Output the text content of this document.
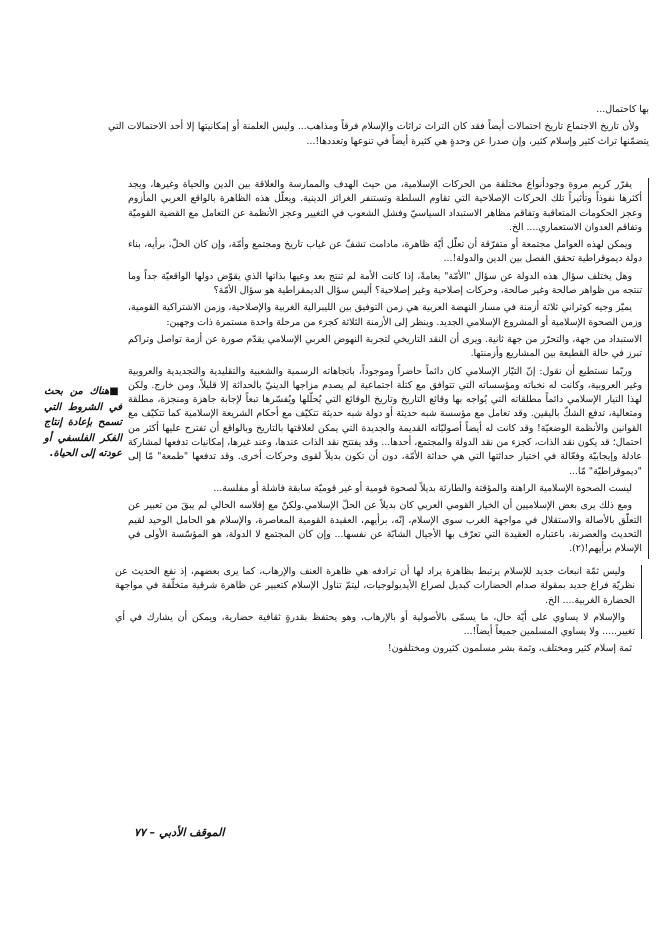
بها كاحتمال...

ولأن تاريخ الاجتماع تاريخ احتمالات أيضاً فقد كان التراث تراثات والإسلام فرقاً ومذاهب... وليس العلمنة أو إمكانيتها إلا أحد الاحتمالات التي يتضمّنها تراث كثير وإسلام كثير، وإن صدرا عن وحدةٍ هي كثيرة أيضاً في تنوعها وتعددها!...

يقرّر كريم مروة وجودأنواع مختلفة من الحركات الإسلامية، من حيث الهدف والممارسة والعلاقة بين الدين والحياة وغيرها، ويجد أكثرها نفوذاً وتأثيراً تلك الحركات الإصلاحية التي تقاوم السلطة وتستنفر الغرائز الدينية. ويعلّل هذه الظاهرة بالواقع العربي المأزوم وعجز الحكومات المتعاقبة وتفاقم مظاهر الاستبداد السياسيّ وفشل الشعوب في التغيير وعجز الأنظمة عن التعامل مع القضية القوميّة وتفاقم العدوان الاستعماري.... الخ.

ويمكن لهذه العوامل مجتمعة أو متفرّقة أن تعلّل أيّة ظاهرة، مادامت تشفّ عن غياب تاريخ ومجتمع وأمّة، وإن كان الحلّ، برأيه، بناء دولة ديموقراطية تحقق الفصل بين الدين والدولة!...

وهل يختلف سؤال هذه الدولة عن سؤال "الأمّة" بعامةً، إذا كانت الأمة لم تنتج بعد وعيها بذاتها الذي يقوّض دولها الواقعيّة جداً وما تنتجه من ظواهر صالحة وغير صالحة، وحركات إصلاحية وغير إصلاحية؟ أليس سؤال الديمقراطية هو سؤال الأمّة؟

يميّز وجيه كوثراني ثلاثة أزمنة في مسار النهضة العربية هي زمن التوفيق بين الليبرالية الغربية والإصلاحية، وزمن الاشتراكية القومية، وزمن الصحوة الإسلامية أو المشروع الإسلامي الجديد. وينظر إلى الأزمنة الثلاثة كجزء من مرحلة واحدة مستمرة ذات وجهين:

الاستبداد من جهة، والتحرّر من جهة ثانية. ويرى أن النقد التاريخي لتجربة النهوض العربي الإسلامي يقدّم صورة عن أزمة تواصل وتراكم تبرز في حالة القطيعة بين المشاريع وأزمنتها.

وربّما نستطيع أن نقول: إنّ التيّار الإسلامي كان دائماً حاضراً وموجوداً، باتجاهاته الرسمية والشعبية والتقليدية والتجديدية والعروبية وغير العروبية، وكانت له نخباته ومؤسساته التي تتوافق مع كتلة اجتماعية لم يصدم مزاجها الدينيّ بالحداثة إلا قليلاً، ومن خارج. ولكن لهذا التيار الإسلامي دائماً مطلقاته التي يُواجه بها وقائع التاريخ وتاريخ الوقائع التي يُحلّلها ويُفسّرها تبعاً لإجابة جاهزة ومنجزة، مطلقة ومتعالية، تدفع الشكّ باليقين. وقد تعامل مع مؤسسة شبه حديثة أو دولة شبه حديثة تتكيّف مع أحكام الشريعة الإسلامية كما تتكيّف مع القوانين والأنظمة الوضعيّة! وقد كانت له أيضاً أصوليّاته القديمة والجديدة التي يمكن لعلاقتها بالتاريخ وبالواقع أن تفترح عليها أكثر من احتمال؛ قد يكون نقد الذات، كجزء من نقد الدولة والمجتمع، أحدها... وقد يفتتح نقد الذات عندها، وعند غيرها، إمكانيات تدفعها لمشاركة عادلة وإيجابيّة وفعّالة في اختيار حداثتها التي هي حداثة الأمّة، دون أن تكون بديلاً لقوى وحركات أخرى. وقد تدفعها "طمعة" مّا إلى "ديموقراطيّة" مّا...

ليست الصحوة الإسلامية الراهنة والمؤقتة والطارئة بديلاً لصحوة قومية أو غير قوميّة سابقة فاشلة أو مفلسة...

ومع ذلك يرى بعض الإسلاميين أن الخيار القومي العربي كان بديلاً عن الحلّ الإسلامي.ولكنّ مع إفلاسه الحالي لم يبقَ من تعبير عن التعلّق بالأصالة والاستقلال في مواجهة الغرب سوى الإسلام، إنّه، برأيهم، العقيدة القومية المعاصرة، والإسلام هو الحامل الوحيد لقيم التحديث والعصرنة، باعتباره العقيدة التي تعرّف بها الأجيال الشابّة عن نفسها... وإن كان المجتمع لا الدولة، هو المؤسّسة الأولى في الإسلام برأيهم!(٢).

وليس ثمّة انبعاث جديد للإسلام يرتبط بظاهرة يراد لها أن ترادفه هي ظاهرة العنف والإرهاب، كما يرى بعضهم، إذ نفع الحديث عن نظريّة فراغ جديد بمقولة صدام الحضارات كبديل لصراع الأيديولوجيات، ليتمّ تناول الإسلام كتعبير عن ظاهرة شرقية متخلّفة في مواجهة الحضارة الغربية.... الخ.

والإسلام لا يساوي على أيّة حال، ما يسمّى بالأصولية أو بالإرهاب، وهو يحتفظ بقدرةٍ ثقافية حضارية، ويمكن أن يشارك في أي تغيير..... ولا يساوي المسلمين جميعاً أيضاً!...

ثمة إسلام كثير ومختلف، وثمة بشر مسلمون كثيرون ومختلفون!

■هناك من بحث في الشروط التي تسمح بإعادة إنتاج الفكر الفلسفي أو عودته إلى الحياة.
الموقف الأدبي – ٧٧
